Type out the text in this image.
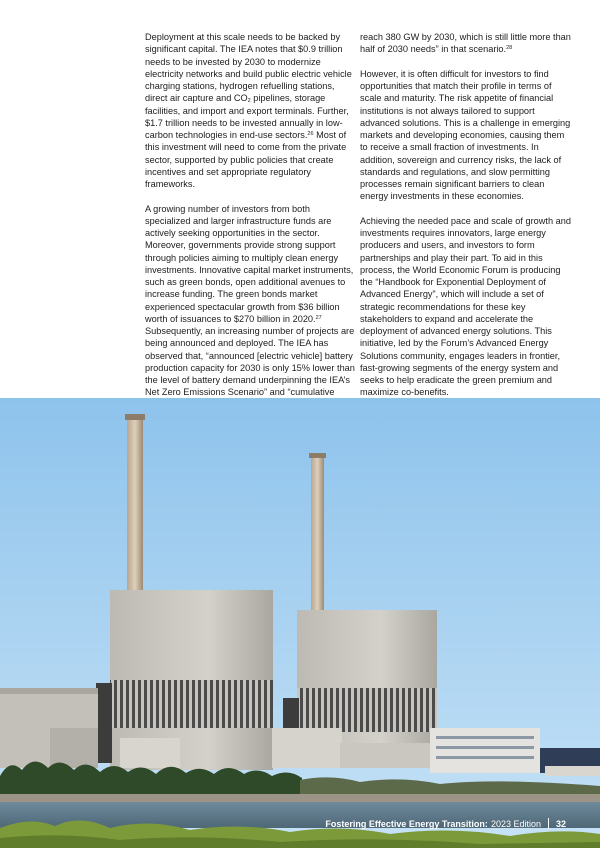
Deployment at this scale needs to be backed by significant capital. The IEA notes that $0.9 trillion needs to be invested by 2030 to modernize electricity networks and build public electric vehicle charging stations, hydrogen refuelling stations, direct air capture and $CO_2$ pipelines, storage facilities, and import and export terminals. Further, $1.7 trillion needs to be invested annually in low-carbon technologies in end-use sectors.$^{26}$ Most of this investment will need to come from the private sector, supported by public policies that create incentives and set appropriate regulatory frameworks.

A growing number of investors from both specialized and larger infrastructure funds are actively seeking opportunities in the sector. Moreover, governments provide strong support through policies aiming to multiply clean energy investments. Innovative capital market instruments, such as green bonds, open additional avenues to increase funding. The green bonds market experienced spectacular growth from $36 billion worth of issuances to $270 billion in 2020.27 Subsequently, an increasing number of projects are being announced and deployed. The IEA has observed that, “announced [electric vehicle] battery production capacity for 2030 is only 15% lower than the level of battery demand underpinning the IEA’s Net Zero Emissions Scenario” and “cumulative

reach 380 GW by 2030, which is still little more than half of 2030 needs” in that scenario.$^{28}$

However, it is often difficult for investors to find opportunities that match their profile in terms of scale and maturity. The risk appetite of financial institutions is not always tailored to support advanced solutions. This is a challenge in emerging markets and developing economies, causing them to receive a small fraction of investments. In addition, sovereign and currency risks, the lack of standards and regulations, and slow permitting processes remain significant barriers to clean energy investments in these economies.

Achieving the needed pace and scale of growth and investments requires innovators, large energy producers and users, and investors to form partnerships and play their part. To aid in this process, the World Economic Forum is producing the “Handbook for Exponential Deployment of Advanced Energy”, which will include a set of strategic recommendations for these key stakeholders to expand and accelerate the deployment of advanced energy solutions. This initiative, led by the Forum’s Advanced Energy Solutions community, engages leaders in frontier, fast-growing segments of the energy system and seeks to help eradicate the green premium and maximize co-benefits.

Fostering Effective Energy Transition: 2023 Edition 32
